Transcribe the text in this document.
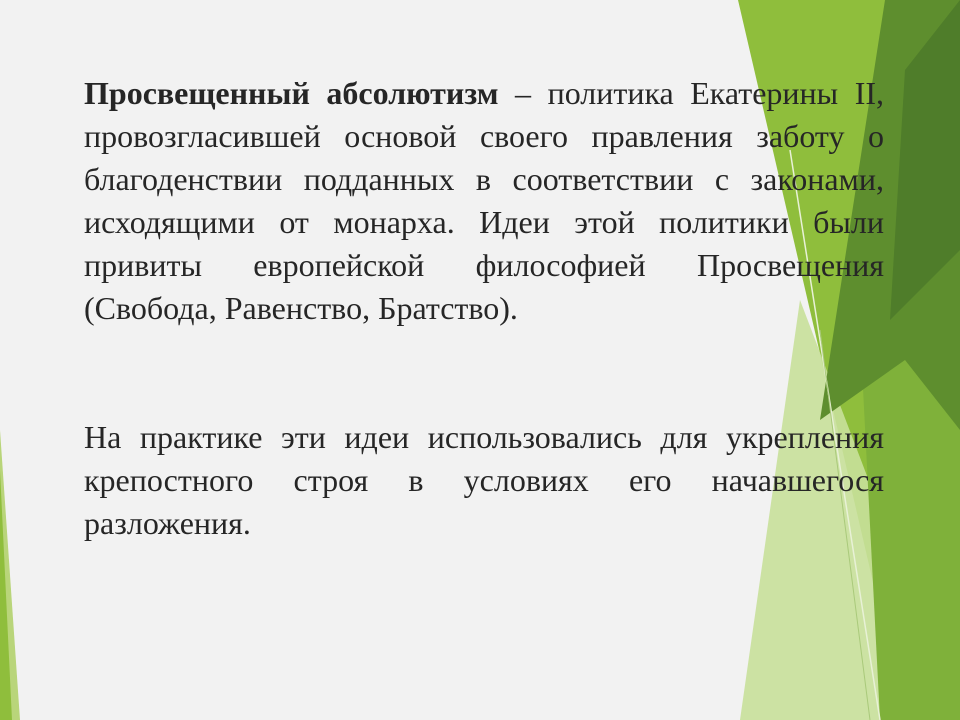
Просвещенный абсолютизм – политика Екатерины II, провозгласившей основой своего правления заботу о благоденствии подданных в соответствии с законами, исходящими от монарха. Идеи этой политики были привиты европейской философией Просвещения (Свобода, Равенство, Братство).

На практике эти идеи использовались для укрепления крепостного строя в условиях его начавшегося разложения.
